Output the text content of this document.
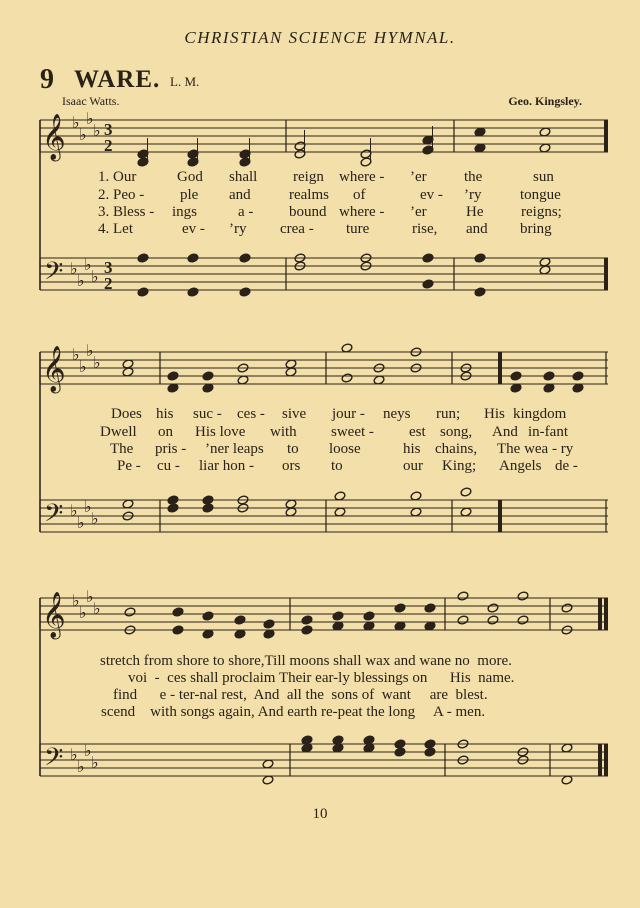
CHRISTIAN SCIENCE HYMNAL.
9 WARE. L. M.
Isaac Watts.	Geo. Kingsley.
1. Our	God shall reign where - ’er the	sun
2. Peo - ple and	realms of	ev - ’ry	tongue
3. Bless - ings	a - bound where - ’er	He	reigns;
4. Let	ev - ’ry crea - ture	rise, and bring
Does his suc - ces - sive jour - neys run; His kingdom
Dwell on His love with sweet - est song, And in-fant
The pris - ’ner leaps to loose	his chains, The wea - ry
Pe - cu - liar hon - ors to	our King; Angels de -
stretch from shore to shore,Till moons shall wax and wane no  more.
voi  -  ces shall proclaim Their ear-ly blessings on      His  name.
find      e - ter-nal rest,  And  all the  sons of  want     are  blest.
scend    with songs again, And earth re-peat the long     A - men.
10
𝄞
𝄢
♭
♭
♭
♭
♭
♭
♭
♭
3
2
3
2
𝄞
𝄢
♭
♭
♭
♭
♭
♭
♭
♭
𝄞
𝄢
♭
♭
♭
♭
♭
♭
♭
♭
